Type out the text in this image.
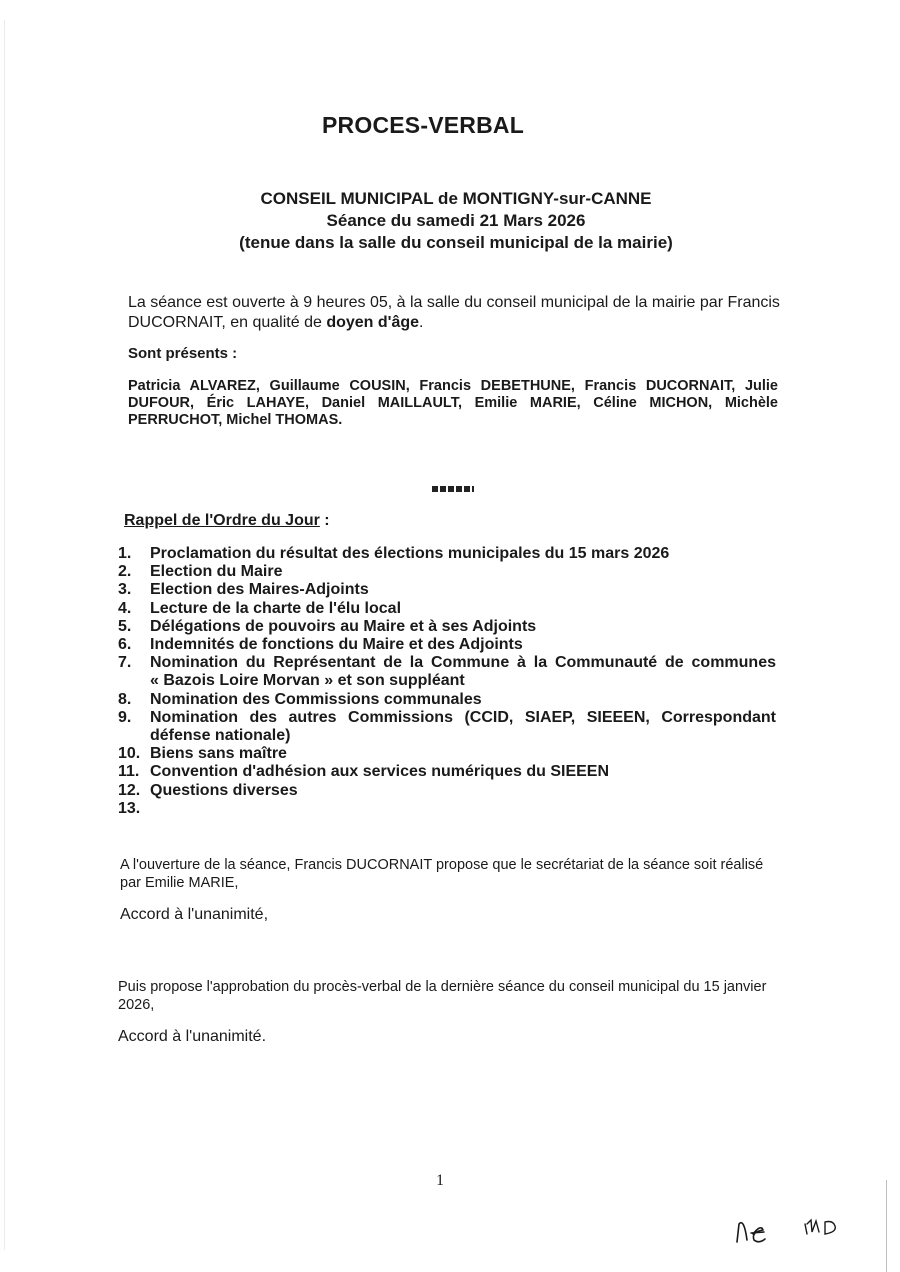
PROCES-VERBAL
CONSEIL MUNICIPAL de MONTIGNY-sur-CANNE
Séance du samedi 21 Mars 2026
(tenue dans la salle du conseil municipal de la mairie)
La séance est ouverte à 9 heures 05, à la salle du conseil municipal de la mairie par Francis
DUCORNAIT, en qualité de doyen d'âge.
Sont présents :
Patricia ALVAREZ, Guillaume COUSIN, Francis DEBETHUNE, Francis DUCORNAIT, Julie
DUFOUR, Éric LAHAYE, Daniel MAILLAULT, Emilie MARIE, Céline MICHON, Michèle
PERRUCHOT, Michel THOMAS.
Rappel de l'Ordre du Jour :
1.	Proclamation du résultat des élections municipales du 15 mars 2026
2.	Election du Maire
3.	Election des Maires-Adjoints
4.	Lecture de la charte de l'élu local
5.	Délégations de pouvoirs au Maire et à ses Adjoints
6.	Indemnités de fonctions du Maire et des Adjoints
7.	Nomination du Représentant de la Commune à la Communauté de communes
« Bazois Loire Morvan » et son suppléant
8.	Nomination des Commissions communales
9.	Nomination des autres Commissions (CCID, SIAEP, SIEEEN, Correspondant
défense nationale)
10. Biens sans maître
11. Convention d'adhésion aux services numériques du SIEEEN
12. Questions diverses
13.
A l'ouverture de la séance, Francis DUCORNAIT propose que le secrétariat de la séance soit réalisé
par Emilie MARIE,
Accord à l'unanimité,
Puis propose l'approbation du procès-verbal de la dernière séance du conseil municipal du 15 janvier
2026,
Accord à l'unanimité.
1
